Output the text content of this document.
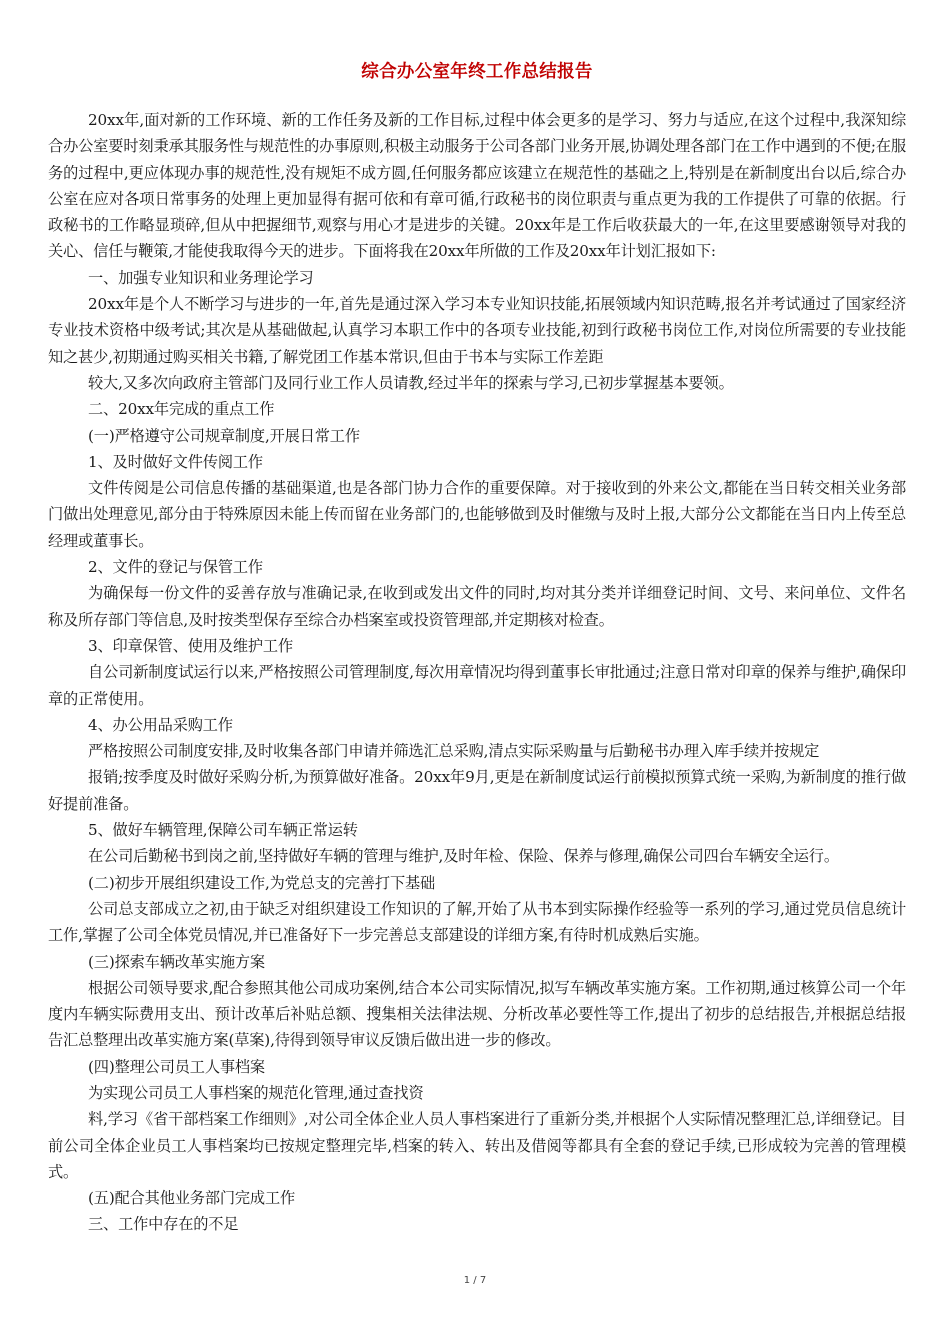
综合办公室年终工作总结报告

20xx年,面对新的工作环境、新的工作任务及新的工作目标,过程中体会更多的是学习、努力与适应,在这个过程中,我深知综合办公室要时刻秉承其服务性与规范性的办事原则,积极主动服务于公司各部门业务开展,协调处理各部门在工作中遇到的不便;在服务的过程中,更应体现办事的规范性,没有规矩不成方圆,任何服务都应该建立在规范性的基础之上,特别是在新制度出台以后,综合办公室在应对各项日常事务的处理上更加显得有据可依和有章可循,行政秘书的岗位职责与重点更为我的工作提供了可靠的依据。行政秘书的工作略显琐碎,但从中把握细节,观察与用心才是进步的关键。20xx年是工作后收获最大的一年,在这里要感谢领导对我的关心、信任与鞭策,才能使我取得今天的进步。下面将我在20xx年所做的工作及20xx年计划汇报如下:

一、加强专业知识和业务理论学习

20xx年是个人不断学习与进步的一年,首先是通过深入学习本专业知识技能,拓展领域内知识范畴,报名并考试通过了国家经济专业技术资格中级考试;其次是从基础做起,认真学习本职工作中的各项专业技能,初到行政秘书岗位工作,对岗位所需要的专业技能知之甚少,初期通过购买相关书籍,了解党团工作基本常识,但由于书本与实际工作差距

较大,又多次向政府主管部门及同行业工作人员请教,经过半年的探索与学习,已初步掌握基本要领。

二、20xx年完成的重点工作

(一)严格遵守公司规章制度,开展日常工作

1、及时做好文件传阅工作

文件传阅是公司信息传播的基础渠道,也是各部门协力合作的重要保障。对于接收到的外来公文,都能在当日转交相关业务部门做出处理意见,部分由于特殊原因未能上传而留在业务部门的,也能够做到及时催缴与及时上报,大部分公文都能在当日内上传至总经理或董事长。

2、文件的登记与保管工作

为确保每一份文件的妥善存放与准确记录,在收到或发出文件的同时,均对其分类并详细登记时间、文号、来问单位、文件名称及所存部门等信息,及时按类型保存至综合办档案室或投资管理部,并定期核对检查。

3、印章保管、使用及维护工作

自公司新制度试运行以来,严格按照公司管理制度,每次用章情况均得到董事长审批通过;注意日常对印章的保养与维护,确保印章的正常使用。

4、办公用品采购工作

严格按照公司制度安排,及时收集各部门申请并筛选汇总采购,清点实际采购量与后勤秘书办理入库手续并按规定

报销;按季度及时做好采购分析,为预算做好准备。20xx年9月,更是在新制度试运行前模拟预算式统一采购,为新制度的推行做好提前准备。

5、做好车辆管理,保障公司车辆正常运转

在公司后勤秘书到岗之前,坚持做好车辆的管理与维护,及时年检、保险、保养与修理,确保公司四台车辆安全运行。

(二)初步开展组织建设工作,为党总支的完善打下基础

公司总支部成立之初,由于缺乏对组织建设工作知识的了解,开始了从书本到实际操作经验等一系列的学习,通过党员信息统计工作,掌握了公司全体党员情况,并已准备好下一步完善总支部建设的详细方案,有待时机成熟后实施。

(三)探索车辆改革实施方案

根据公司领导要求,配合参照其他公司成功案例,结合本公司实际情况,拟写车辆改革实施方案。工作初期,通过核算公司一个年度内车辆实际费用支出、预计改革后补贴总额、搜集相关法律法规、分析改革必要性等工作,提出了初步的总结报告,并根据总结报告汇总整理出改革实施方案(草案),待得到领导审议反馈后做出进一步的修改。

(四)整理公司员工人事档案

为实现公司员工人事档案的规范化管理,通过查找资

料,学习《省干部档案工作细则》,对公司全体企业人员人事档案进行了重新分类,并根据个人实际情况整理汇总,详细登记。目前公司全体企业员工人事档案均已按规定整理完毕,档案的转入、转出及借阅等都具有全套的登记手续,已形成较为完善的管理模式。

(五)配合其他业务部门完成工作

三、工作中存在的不足

1 / 7
